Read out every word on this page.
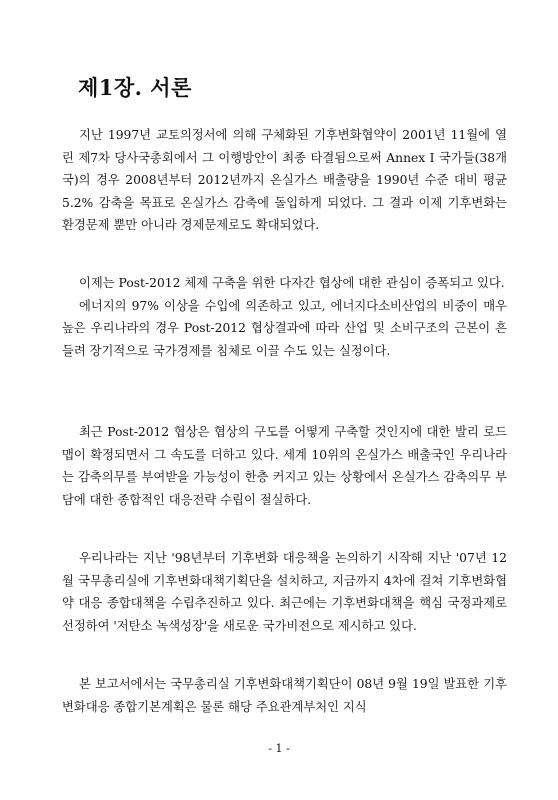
제1장. 서론

지난 1997년 교토의정서에 의해 구체화된 기후변화협약이 2001년 11월에 열린 제7차 당사국총회에서 그 이행방안이 최종 타결됨으로써 Annex I 국가들(38개국)의 경우 2008년부터 2012년까지 온실가스 배출량을 1990년 수준 대비 평균 5.2% 감축을 목표로 온실가스 감축에 돌입하게 되었다. 그 결과 이제 기후변화는 환경문제 뿐만 아니라 경제문제로도 확대되었다.

이제는 Post-2012 체제 구축을 위한 다자간 협상에 대한 관심이 증폭되고 있다.

에너지의 97% 이상을 수입에 의존하고 있고, 에너지다소비산업의 비중이 매우 높은 우리나라의 경우 Post-2012 협상결과에 따라 산업 및 소비구조의 근본이 흔들려 장기적으로 국가경제를 침체로 이끌 수도 있는 실정이다.

최근 Post-2012 협상은 협상의 구도를 어떻게 구축할 것인지에 대한 발리 로드맵이 확정되면서 그 속도를 더하고 있다. 세계 10위의 온실가스 배출국인 우리나라는 감축의무를 부여받을 가능성이 한층 커지고 있는 상황에서 온실가스 감축의무 부담에 대한 종합적인 대응전략 수립이 절실하다.

우리나라는 지난 '98년부터 기후변화 대응책을 논의하기 시작해 지난 '07년 12월 국무총리실에 기후변화대책기획단을 설치하고, 지금까지 4차에 걸쳐 기후변화협약 대응 종합대책을 수립추진하고 있다. 최근에는 기후변화대책을 핵심 국정과제로 선정하여 '저탄소 녹색성장'을 새로운 국가비전으로 제시하고 있다.

본 보고서에서는 국무총리실 기후변화대책기획단이 08년 9월 19일 발표한 기후변화대응 종합기본계획은 물론 해당 주요관계부처인 지식

- 1 -
